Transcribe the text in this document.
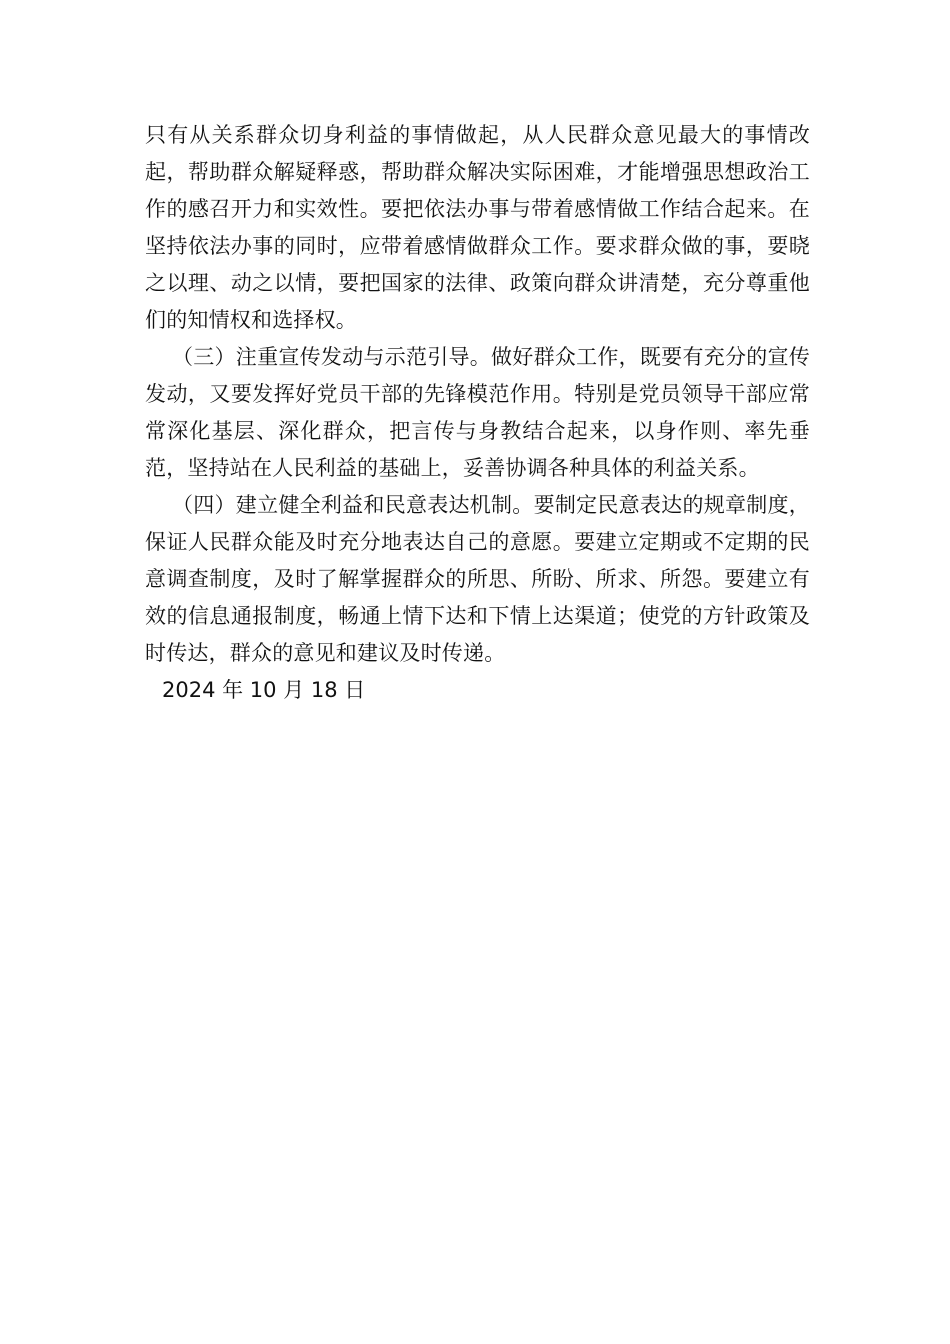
只有从关系群众切身利益的事情做起，从人民群众意见最大的事情改起，帮助群众解疑释惑，帮助群众解决实际困难，才能增强思想政治工作的感召开力和实效性。要把依法办事与带着感情做工作结合起来。在坚持依法办事的同时，应带着感情做群众工作。要求群众做的事，要晓之以理、动之以情，要把国家的法律、政策向群众讲清楚，充分尊重他们的知情权和选择权。

（三）注重宣传发动与示范引导。做好群众工作，既要有充分的宣传发动，又要发挥好党员干部的先锋模范作用。特别是党员领导干部应常常深化基层、深化群众，把言传与身教结合起来，以身作则、率先垂范，坚持站在人民利益的基础上，妥善协调各种具体的利益关系。

（四）建立健全利益和民意表达机制。要制定民意表达的规章制度，保证人民群众能及时充分地表达自己的意愿。要建立定期或不定期的民意调查制度，及时了解掌握群众的所思、所盼、所求、所怨。要建立有效的信息通报制度，畅通上情下达和下情上达渠道；使党的方针政策及时传达，群众的意见和建议及时传递。

2024 年 10 月 18 日
